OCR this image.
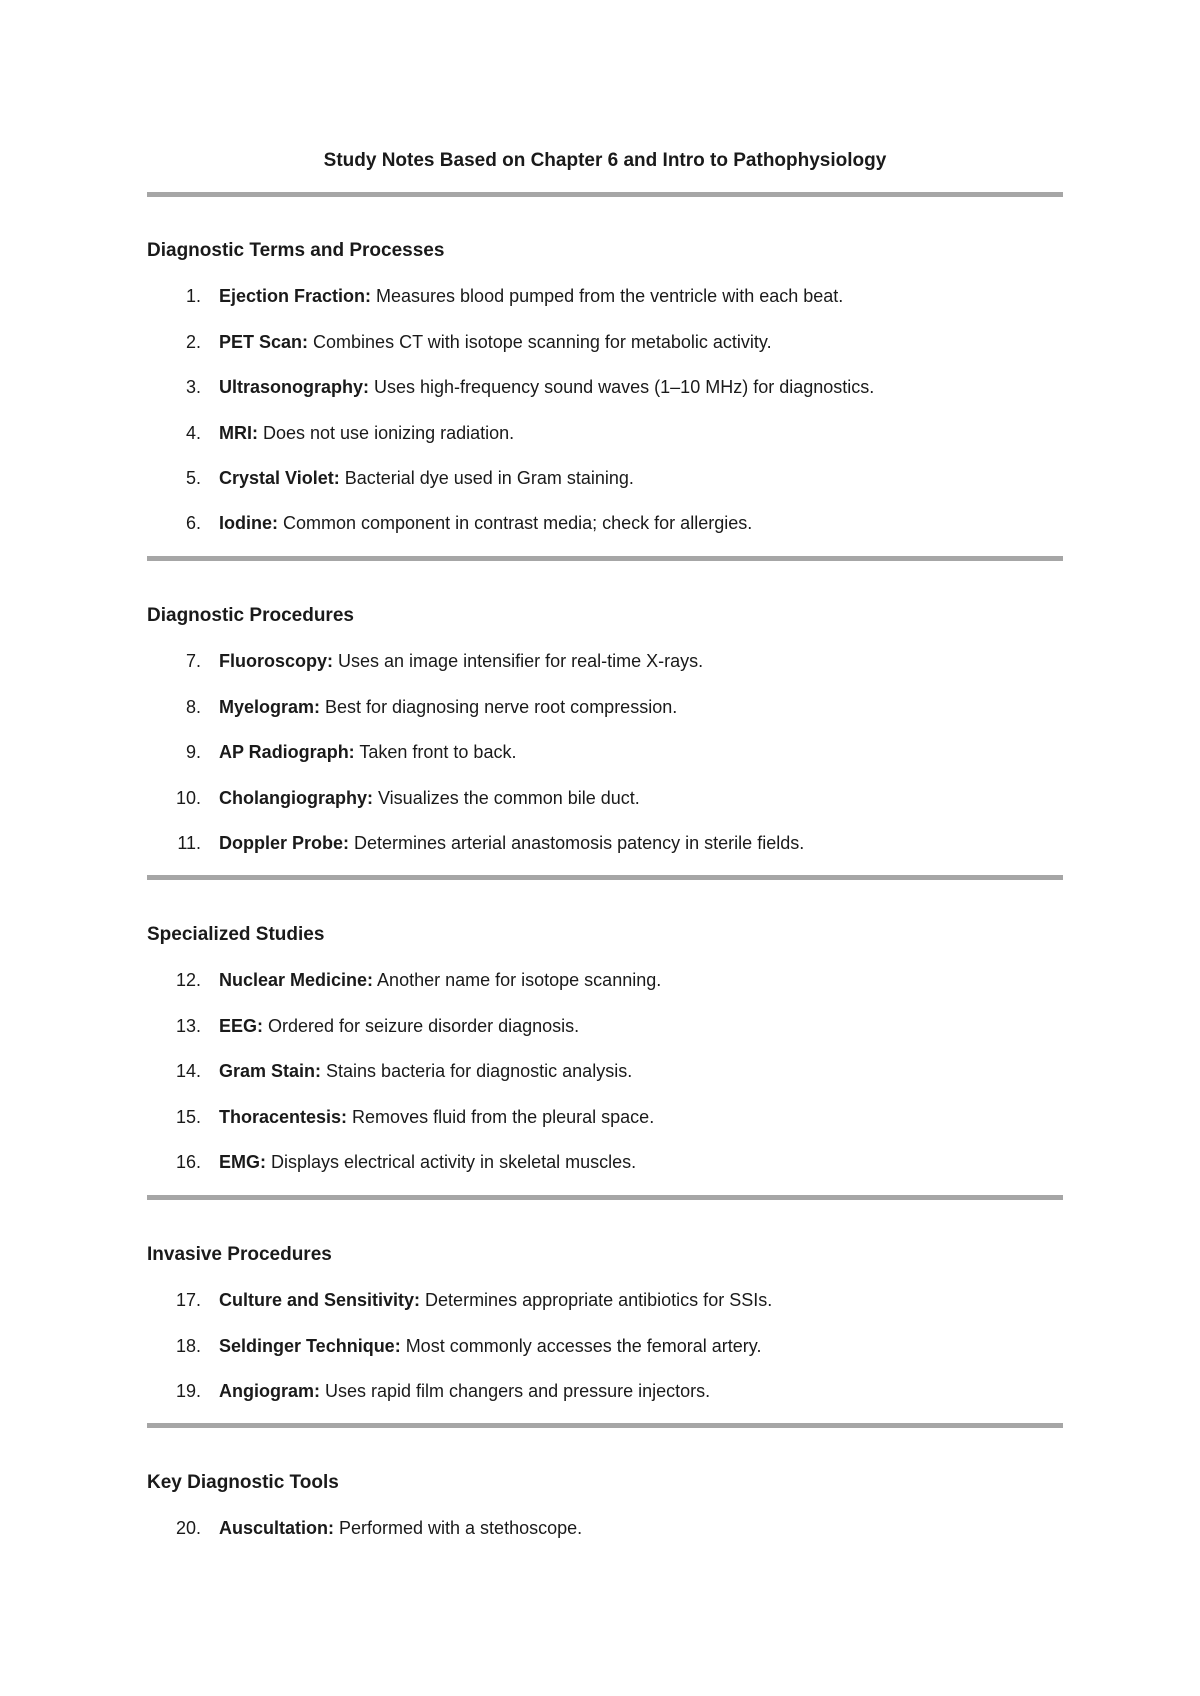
Study Notes Based on Chapter 6 and Intro to Pathophysiology
Diagnostic Terms and Processes
1. Ejection Fraction: Measures blood pumped from the ventricle with each beat.
2. PET Scan: Combines CT with isotope scanning for metabolic activity.
3. Ultrasonography: Uses high-frequency sound waves (1–10 MHz) for diagnostics.
4. MRI: Does not use ionizing radiation.
5. Crystal Violet: Bacterial dye used in Gram staining.
6. Iodine: Common component in contrast media; check for allergies.
Diagnostic Procedures
7. Fluoroscopy: Uses an image intensifier for real-time X-rays.
8. Myelogram: Best for diagnosing nerve root compression.
9. AP Radiograph: Taken front to back.
10. Cholangiography: Visualizes the common bile duct.
11. Doppler Probe: Determines arterial anastomosis patency in sterile fields.
Specialized Studies
12. Nuclear Medicine: Another name for isotope scanning.
13. EEG: Ordered for seizure disorder diagnosis.
14. Gram Stain: Stains bacteria for diagnostic analysis.
15. Thoracentesis: Removes fluid from the pleural space.
16. EMG: Displays electrical activity in skeletal muscles.
Invasive Procedures
17. Culture and Sensitivity: Determines appropriate antibiotics for SSIs.
18. Seldinger Technique: Most commonly accesses the femoral artery.
19. Angiogram: Uses rapid film changers and pressure injectors.
Key Diagnostic Tools
20. Auscultation: Performed with a stethoscope.
